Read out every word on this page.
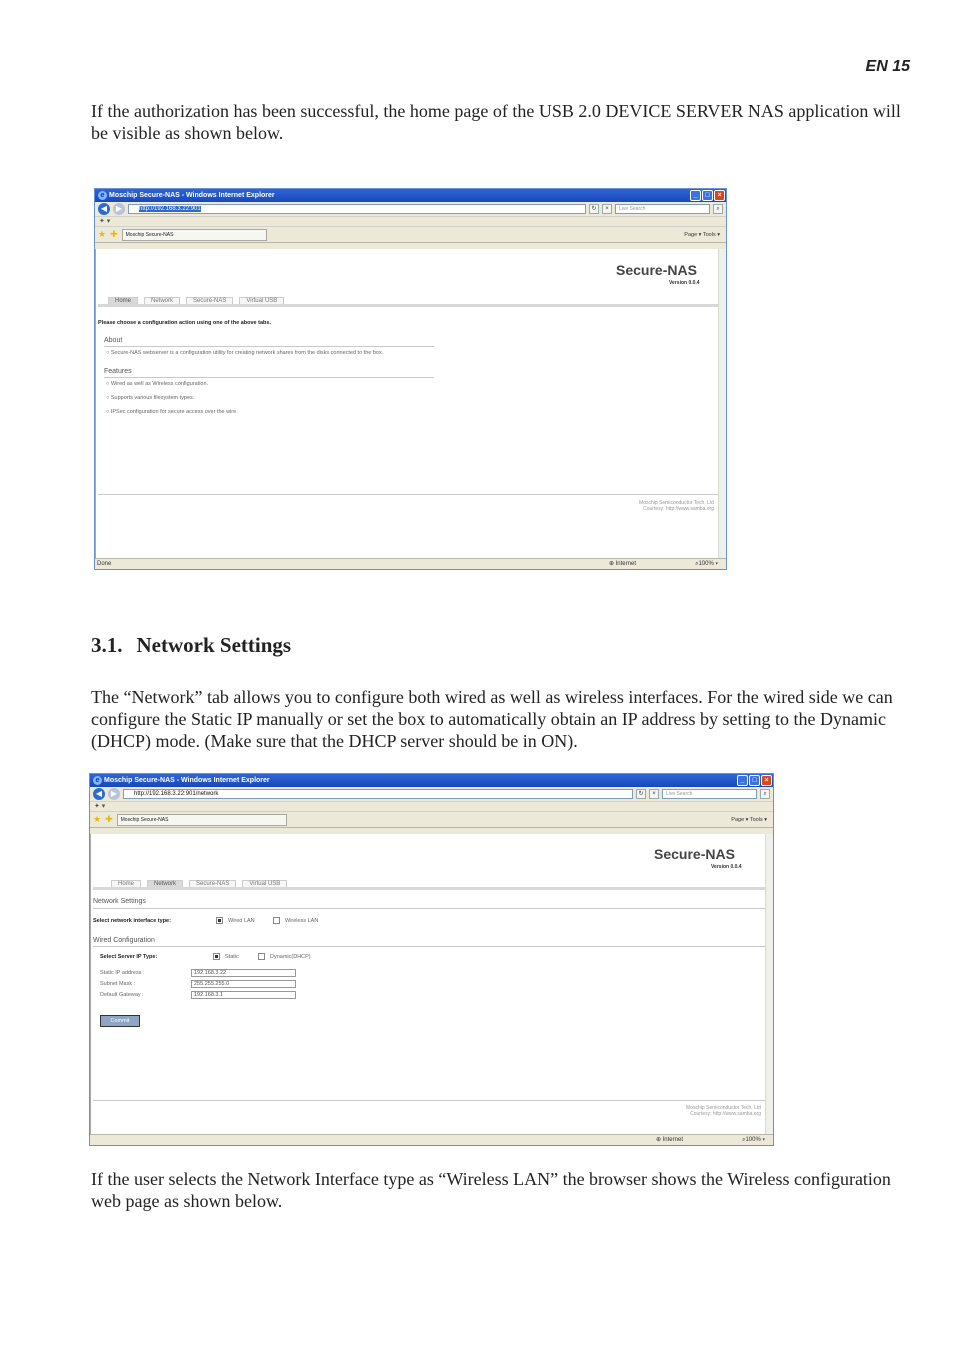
EN 15

If the authorization has been successful, the home page of the USB 2.0 DEVICE SERVER NAS application will be visible as shown below.

e Moschip Secure-NAS - Windows Internet Explorer	_	□	×
◀	▶	http://192.168.3.22:901	↻	×	Live Search	⌕
✦ ▾
★ ✚	Moschip Secure-NAS	Page ▾ Tools ▾
Secure-NAS
Version 0.0.4
Home	Network	Secure-NAS	Virtual USB
Please choose a configuration action using one of the above tabs.
About
○ Secure-NAS webserver is a configuration utility for creating network shares from the disks connected to the box.
Features
○ Wired as well as Wireless configuration.
○ Supports various filesystem types.
○ IPSec configuration for secure access over the wire.
Moschip Semiconductor Tech. Ltd
Courtesy: http://www.samba.org
Done	⊕ Internet	⌕100% ▾
3.1. Network Settings

The “Network” tab allows you to configure both wired as well as wireless interfaces. For the wired side we can configure the Static IP manually or set the box to automatically obtain an IP address by setting to the Dynamic (DHCP) mode. (Make sure that the DHCP server should be in ON).

e Moschip Secure-NAS - Windows Internet Explorer	_	□	×
◀	▶	http://192.168.3.22:901/network	↻	×	Live Search	⌕
✦ ▾
★ ✚	Moschip Secure-NAS	Page ▾ Tools ▾
Secure-NAS
Version 0.0.4
Home	Network	Secure-NAS	Virtual USB
Network Settings
Select network interface type:	Wired LAN	Wireless LAN
Wired Configuration
Select Server IP Type:	Static	Dynamic(DHCP)
Static IP address :	192.168.3.22
Subnet Mask :	255.255.255.0
Default Gateway :	192.168.3.1
Commit
Moschip Semiconductor Tech. Ltd
Courtesy: http://www.samba.org
⊕ Internet	⌕100% ▾

If the user selects the Network Interface type as “Wireless LAN” the browser shows the Wireless configuration web page as shown below.
